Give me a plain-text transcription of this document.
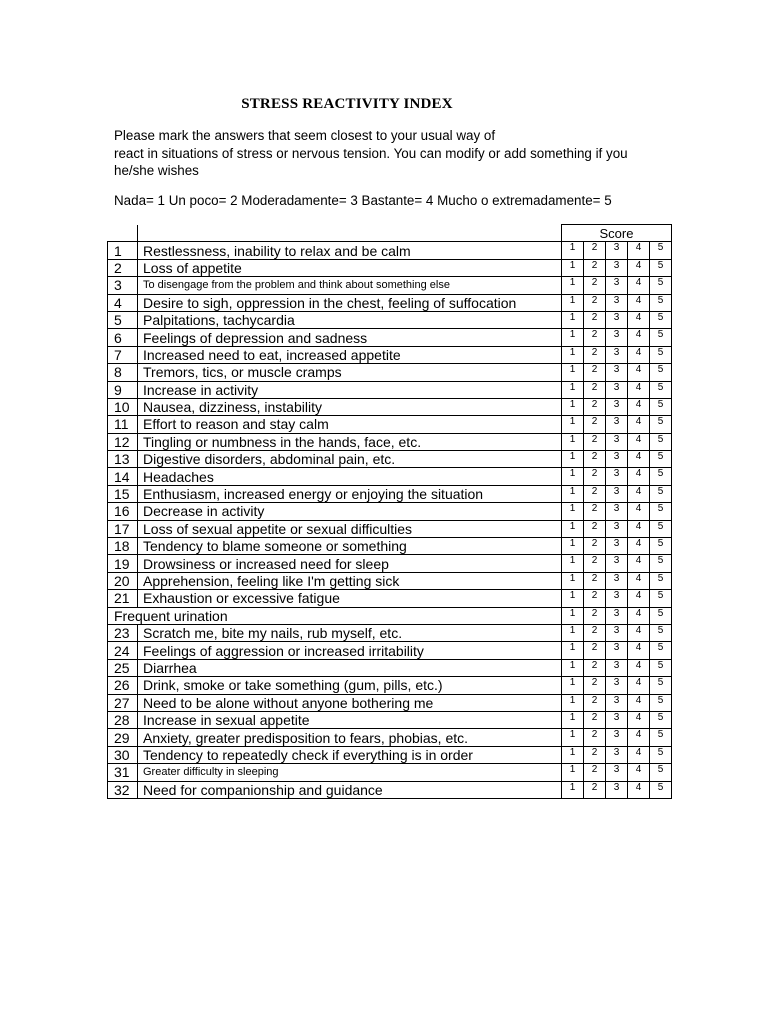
STRESS REACTIVITY INDEX
Please mark the answers that seem closest to your usual way of
react in situations of stress or nervous tension. You can modify or add something if you
he/she wishes
Nada= 1 Un poco= 2 Moderadamente= 3 Bastante= 4 Mucho o extremadamente= 5
		Score				
1	Restlessness, inability to relax and be calm	1	2	3	4	5
2	Loss of appetite	1	2	3	4	5
3	To disengage from the problem and think about something else	1	2	3	4	5
4	Desire to sigh, oppression in the chest, feeling of suffocation	1	2	3	4	5
5	Palpitations, tachycardia	1	2	3	4	5
6	Feelings of depression and sadness	1	2	3	4	5
7	Increased need to eat, increased appetite	1	2	3	4	5
8	Tremors, tics, or muscle cramps	1	2	3	4	5
9	Increase in activity	1	2	3	4	5
10	Nausea, dizziness, instability	1	2	3	4	5
11	Effort to reason and stay calm	1	2	3	4	5
12	Tingling or numbness in the hands, face, etc.	1	2	3	4	5
13	Digestive disorders, abdominal pain, etc.	1	2	3	4	5
14	Headaches	1	2	3	4	5
15	Enthusiasm, increased energy or enjoying the situation	1	2	3	4	5
16	Decrease in activity	1	2	3	4	5
17	Loss of sexual appetite or sexual difficulties	1	2	3	4	5
18	Tendency to blame someone or something	1	2	3	4	5
19	Drowsiness or increased need for sleep	1	2	3	4	5
20	Apprehension, feeling like I'm getting sick	1	2	3	4	5
21	Exhaustion or excessive fatigue	1	2	3	4	5
Frequent urination		1	2	3	4	5
23	Scratch me, bite my nails, rub myself, etc.	1	2	3	4	5
24	Feelings of aggression or increased irritability	1	2	3	4	5
25	Diarrhea	1	2	3	4	5
26	Drink, smoke or take something (gum, pills, etc.)	1	2	3	4	5
27	Need to be alone without anyone bothering me	1	2	3	4	5
28	Increase in sexual appetite	1	2	3	4	5
29	Anxiety, greater predisposition to fears, phobias, etc.	1	2	3	4	5
30	Tendency to repeatedly check if everything is in order	1	2	3	4	5
31	Greater difficulty in sleeping	1	2	3	4	5
32	Need for companionship and guidance	1	2	3	4	5
